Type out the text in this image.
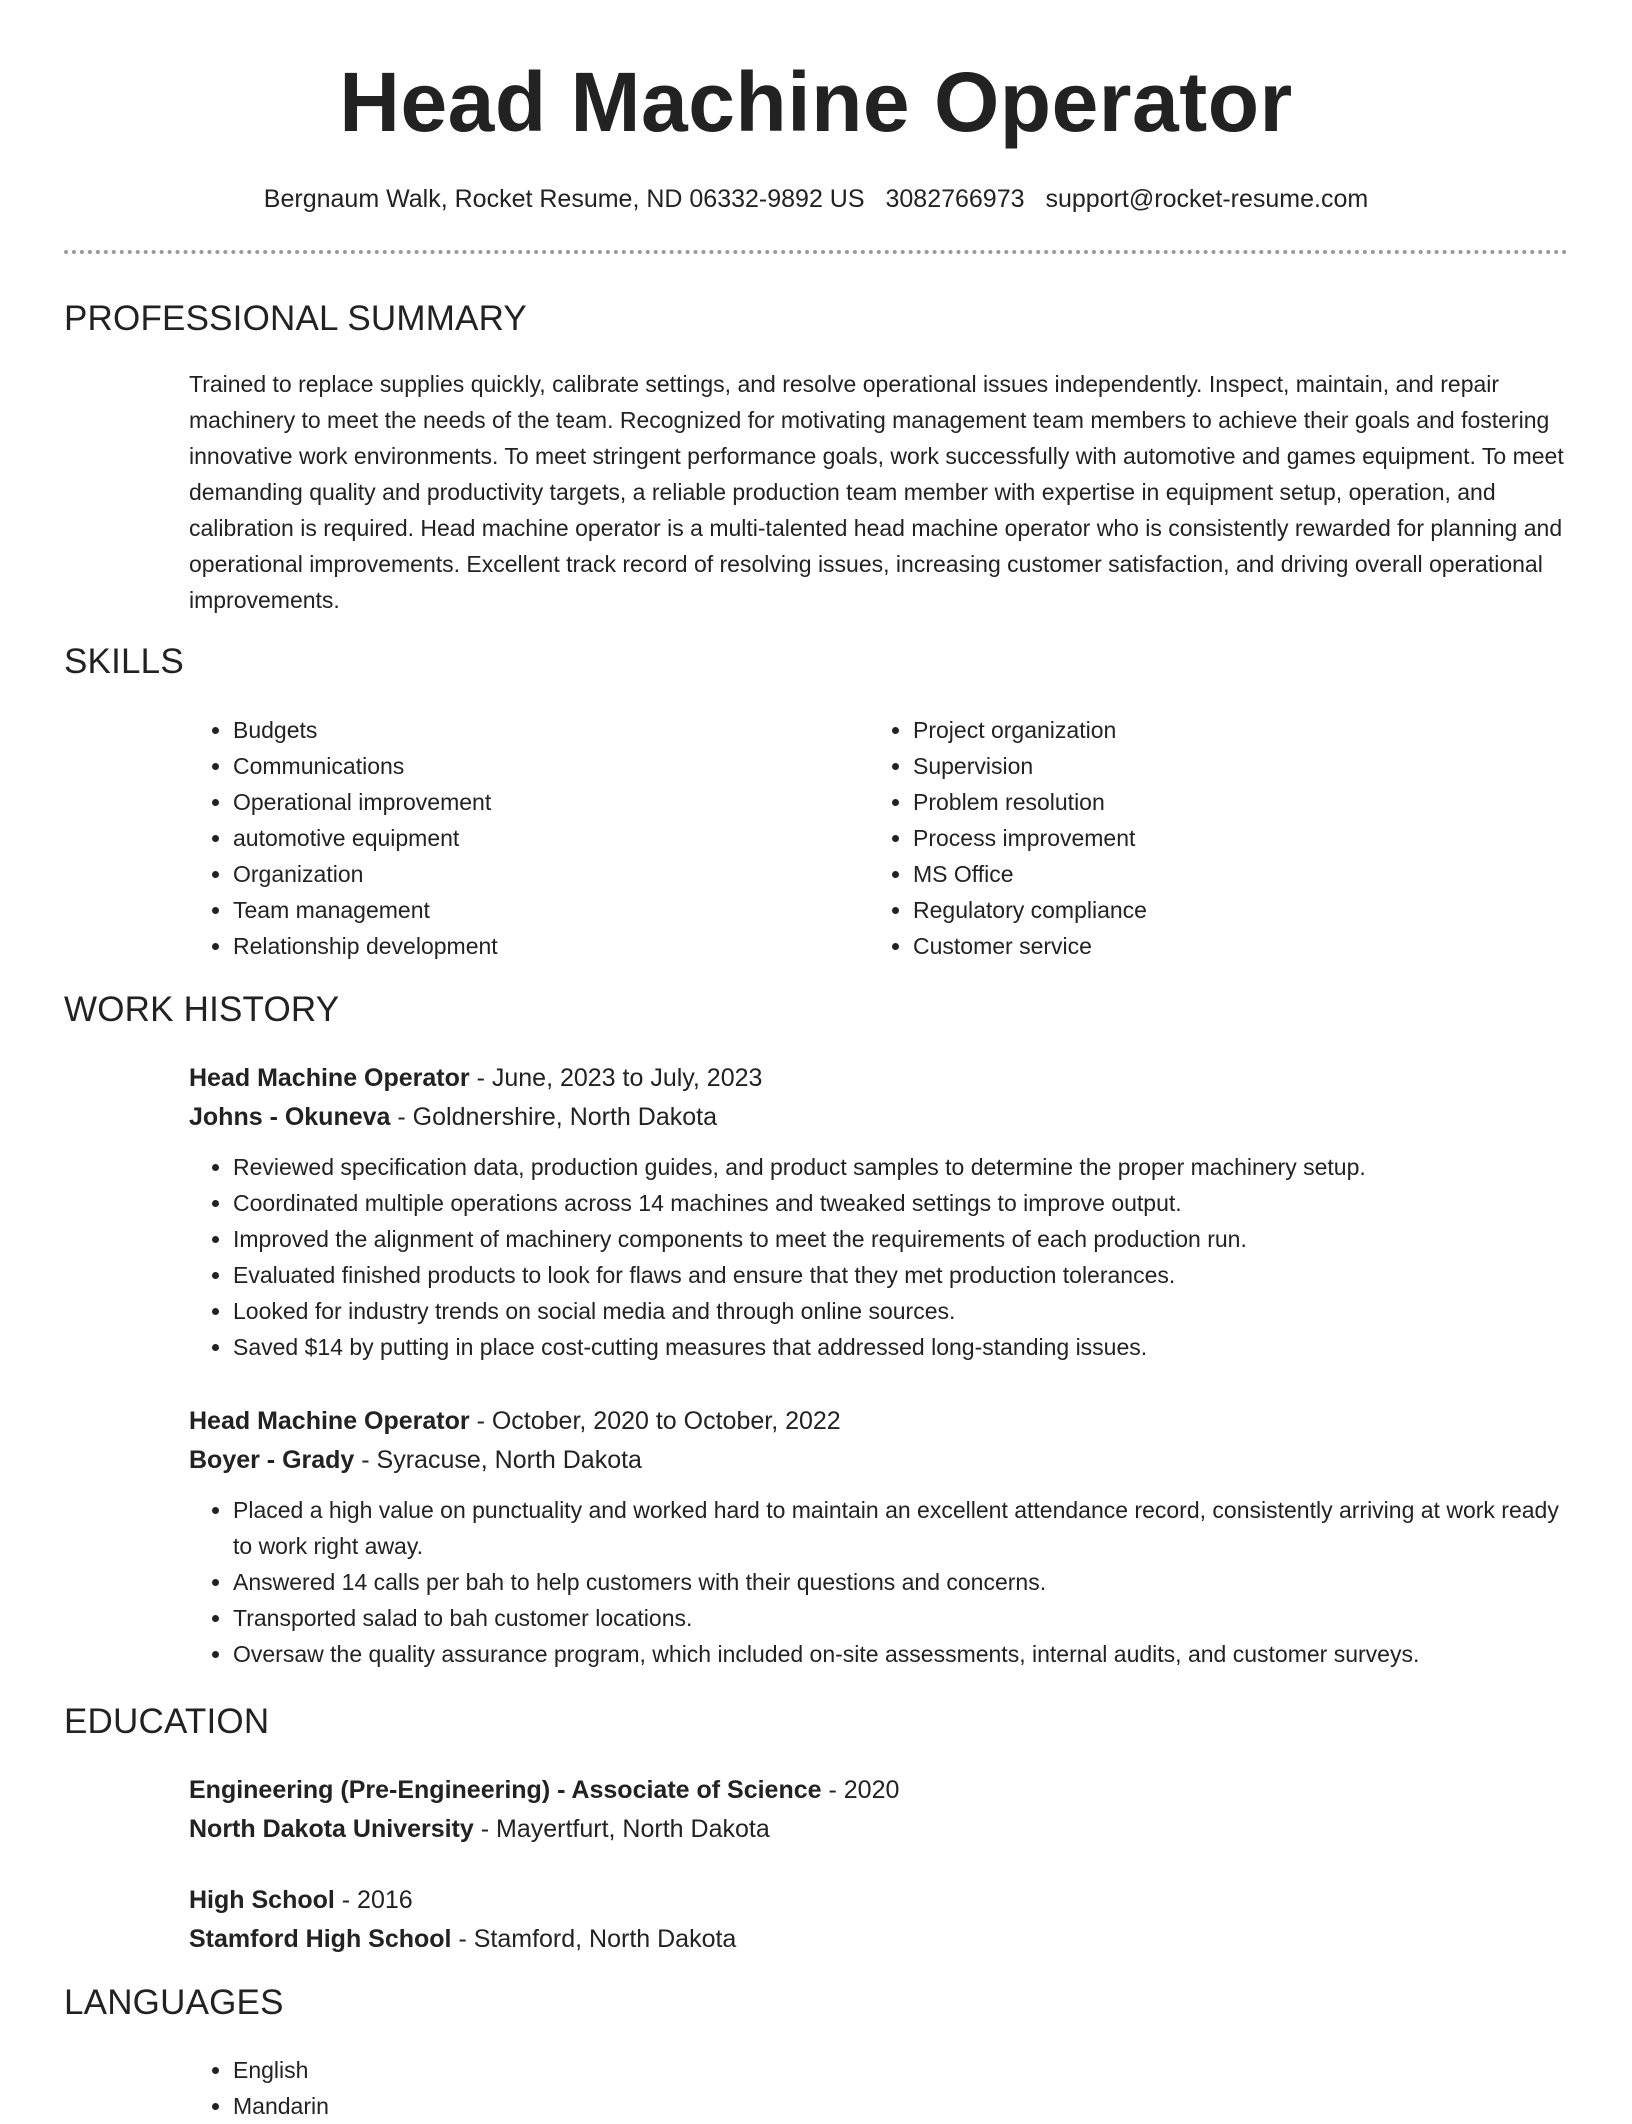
Head Machine Operator
Bergnaum Walk, Rocket Resume, ND 06332-9892 US 3082766973 support@rocket-resume.com
PROFESSIONAL SUMMARY

Trained to replace supplies quickly, calibrate settings, and resolve operational issues independently. Inspect, maintain, and repair machinery to meet the needs of the team. Recognized for motivating management team members to achieve their goals and fostering innovative work environments. To meet stringent performance goals, work successfully with automotive and games equipment. To meet demanding quality and productivity targets, a reliable production team member with expertise in equipment setup, operation, and calibration is required. Head machine operator is a multi-talented head machine operator who is consistently rewarded for planning and operational improvements. Excellent track record of resolving issues, increasing customer satisfaction, and driving overall operational improvements.

SKILLS
• Budgets
• Communications
• Operational improvement
• automotive equipment
• Organization
• Team management
• Relationship development
• Project organization
• Supervision
• Problem resolution
• Process improvement
• MS Office
• Regulatory compliance
• Customer service
WORK HISTORY
Head Machine Operator - June, 2023 to July, 2023
Johns - Okuneva - Goldnershire, North Dakota
• Reviewed specification data, production guides, and product samples to determine the proper machinery setup.
• Coordinated multiple operations across 14 machines and tweaked settings to improve output.
• Improved the alignment of machinery components to meet the requirements of each production run.
• Evaluated finished products to look for flaws and ensure that they met production tolerances.
• Looked for industry trends on social media and through online sources.
• Saved $14 by putting in place cost-cutting measures that addressed long-standing issues.
Head Machine Operator - October, 2020 to October, 2022
Boyer - Grady - Syracuse, North Dakota
• Placed a high value on punctuality and worked hard to maintain an excellent attendance record, consistently arriving at work ready to work right away.
• Answered 14 calls per bah to help customers with their questions and concerns.
• Transported salad to bah customer locations.
• Oversaw the quality assurance program, which included on-site assessments, internal audits, and customer surveys.
EDUCATION
Engineering (Pre-Engineering) - Associate of Science - 2020
North Dakota University - Mayertfurt, North Dakota
High School - 2016
Stamford High School - Stamford, North Dakota
LANGUAGES
• English
• Mandarin
